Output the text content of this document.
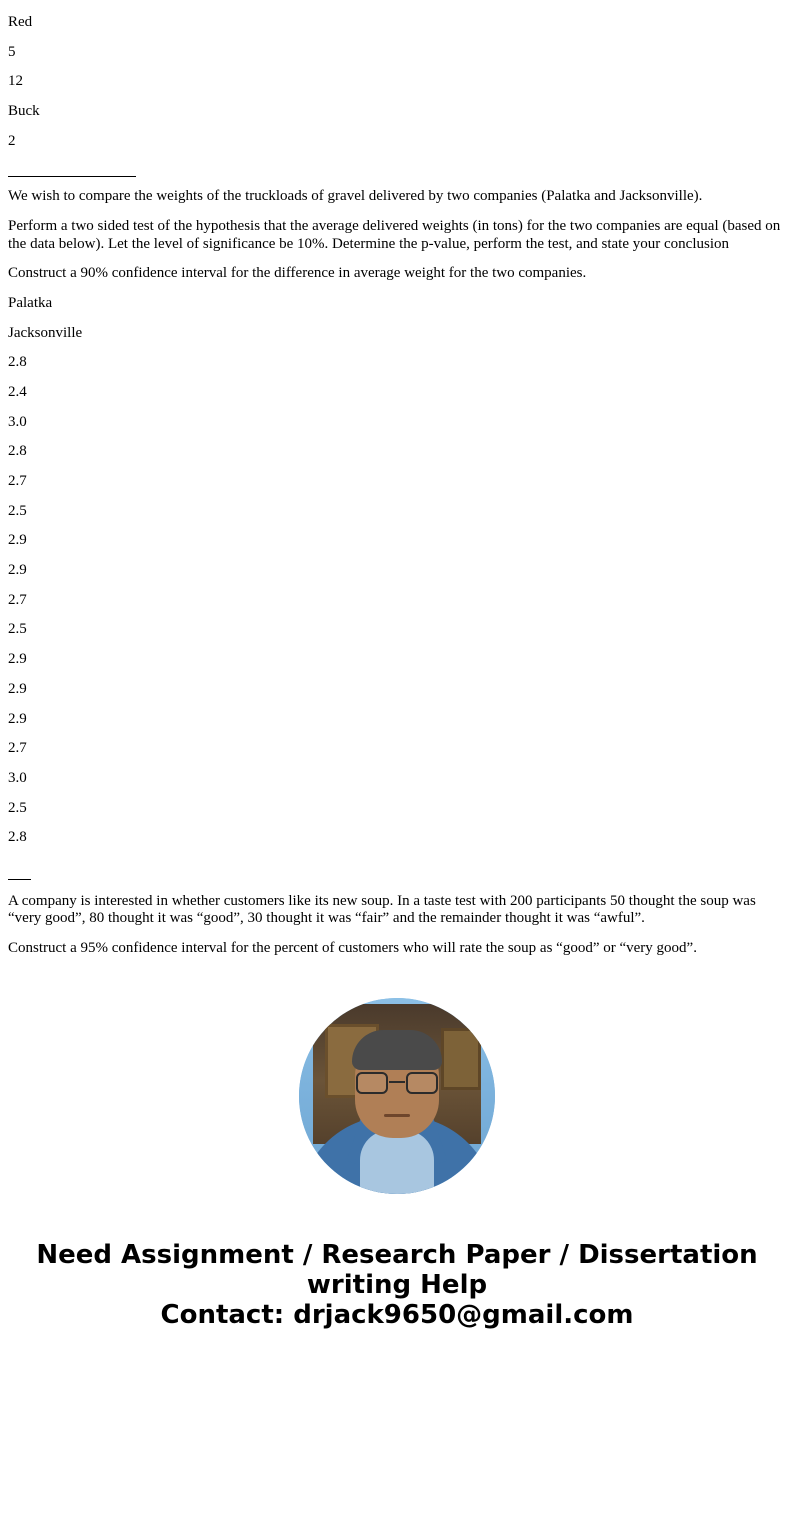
Red
5
12
Buck
2

We wish to compare the weights of the truckloads of gravel delivered by two companies (Palatka and Jacksonville).

Perform a two sided test of the hypothesis that the average delivered weights (in tons) for the two companies are equal (based on the data below). Let the level of significance be 10%. Determine the p-value, perform the test, and state your conclusion

Construct a 90% confidence interval for the difference in average weight for the two companies.

Palatka
Jacksonville
2.8
2.4
3.0
2.8
2.7
2.5
2.9
2.9
2.7
2.5
2.9
2.9
2.9
2.7
3.0
2.5
2.8

A company is interested in whether customers like its new soup. In a taste test with 200 participants 50 thought the soup was “very good”, 80 thought it was “good”, 30 thought it was “fair” and the remainder thought it was “awful”.

Construct a 95% confidence interval for the percent of customers who will rate the soup as “good” or “very good”.

Need Assignment / Research Paper / Dissertation writing Help
Contact: drjack9650@gmail.com
